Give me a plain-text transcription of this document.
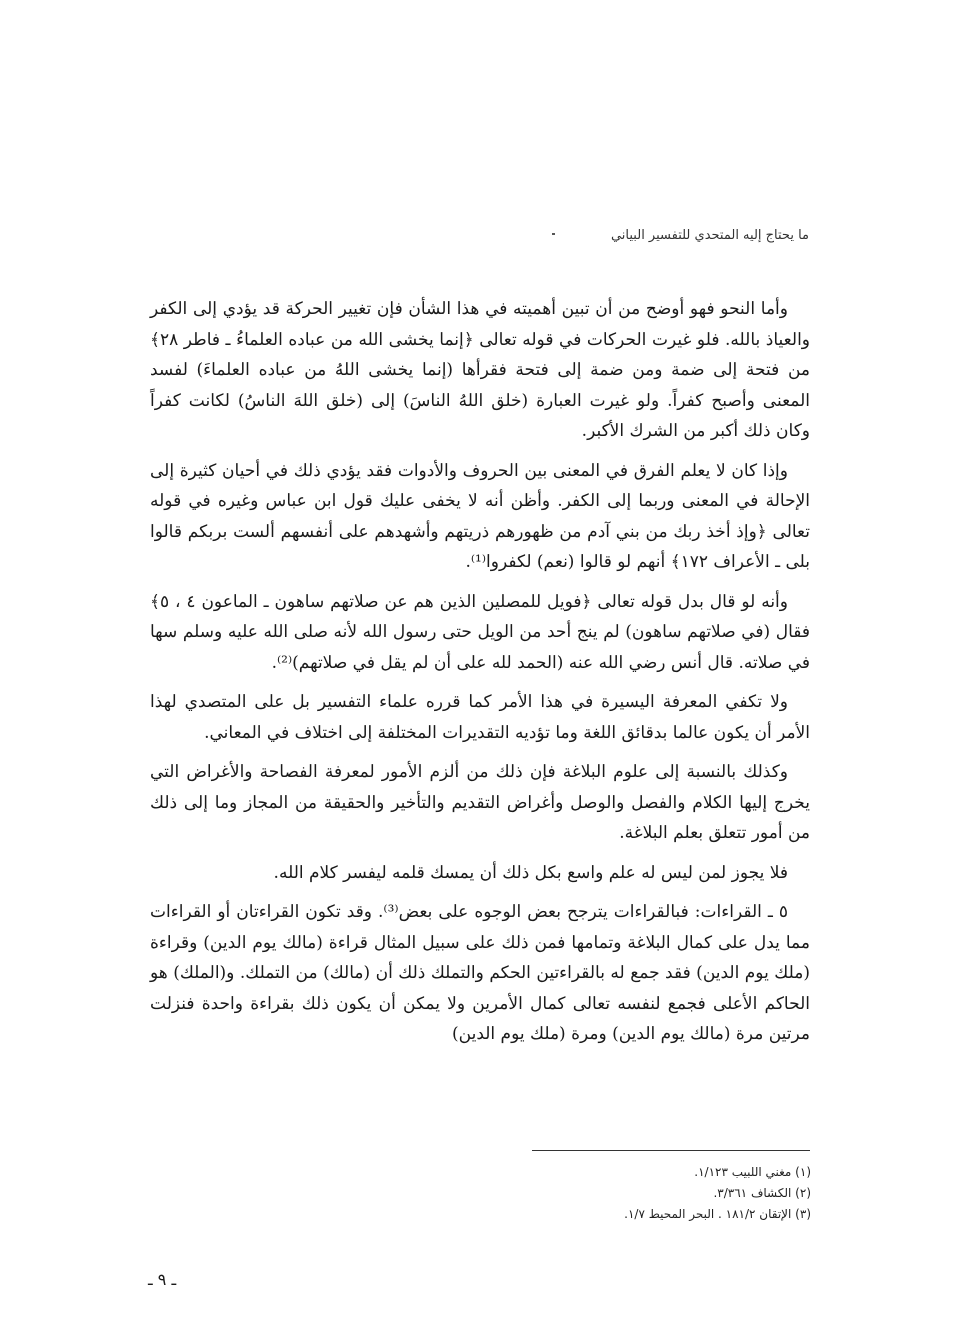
ما يحتاج إليه المتحدي للتفسير البياني

وأما النحو فهو أوضح من أن تبين أهميته في هذا الشأن فإن تغيير الحركة قد يؤدي إلى الكفر والعياذ بالله. فلو غيرت الحركات في قوله تعالى ﴿إنما يخشى الله من عباده العلماءُ ـ فاطر ٢٨﴾ من فتحة إلى ضمة ومن ضمة إلى فتحة فقرأها (إنما يخشى اللهُ من عباده العلماءَ) لفسد المعنى وأصبح كفراً. ولو غيرت العبارة (خلق اللهُ الناسَ) إلى (خلق اللهَ الناسُ) لكانت كفراً وكان ذلك أكبر من الشرك الأكبر.

وإذا كان لا يعلم الفرق في المعنى بين الحروف والأدوات فقد يؤدي ذلك في أحيان كثيرة إلى الإحالة في المعنى وربما إلى الكفر. وأظن أنه لا يخفى عليك قول ابن عباس وغيره في قوله تعالى ﴿وإذ أخذ ربك من بني آدم من ظهورهم ذريتهم وأشهدهم على أنفسهم ألست بربكم قالوا بلى ـ الأعراف ١٧٢﴾ أنهم لو قالوا (نعم) لكفروا⁽¹⁾.

وأنه لو قال بدل قوله تعالى ﴿فويل للمصلين الذين هم عن صلاتهم ساهون ـ الماعون ٤ ، ٥﴾ فقال (في صلاتهم ساهون) لم ينج أحد من الويل حتى رسول الله لأنه صلى الله عليه وسلم سها في صلاته. قال أنس رضي الله عنه (الحمد لله على أن لم يقل في صلاتهم)⁽²⁾.

ولا تكفي المعرفة اليسيرة في هذا الأمر كما قرره علماء التفسير بل على المتصدي لهذا الأمر أن يكون عالما بدقائق اللغة وما تؤديه التقديرات المختلفة إلى اختلاف في المعاني.

وكذلك بالنسبة إلى علوم البلاغة فإن ذلك من ألزم الأمور لمعرفة الفصاحة والأغراض التي يخرج إليها الكلام والفصل والوصل وأغراض التقديم والتأخير والحقيقة من المجاز وما إلى ذلك من أمور تتعلق بعلم البلاغة.

فلا يجوز لمن ليس له علم واسع بكل ذلك أن يمسك قلمه ليفسر كلام الله.

٥ ـ القراءات: فبالقراءات يترجح بعض الوجوه على بعض⁽³⁾. وقد تكون القراءتان أو القراءات مما يدل على كمال البلاغة وتمامها فمن ذلك على سبيل المثال قراءة (مالك يوم الدين) وقراءة (ملك يوم الدين) فقد جمع له بالقراءتين الحكم والتملك ذلك أن (مالك) من التملك. و(الملك) هو الحاكم الأعلى فجمع لنفسه تعالى كمال الأمرين ولا يمكن أن يكون ذلك بقراءة واحدة فنزلت مرتين مرة (مالك يوم الدين) ومرة (ملك يوم الدين)

(١) مغني اللبيب ١/١٢٣.
(٢) الكشاف ٣/٣٦١.
(٣) الإتقان ١٨١/٢ . البحر المحيط ١/٧.
ـ ٩ ـ
